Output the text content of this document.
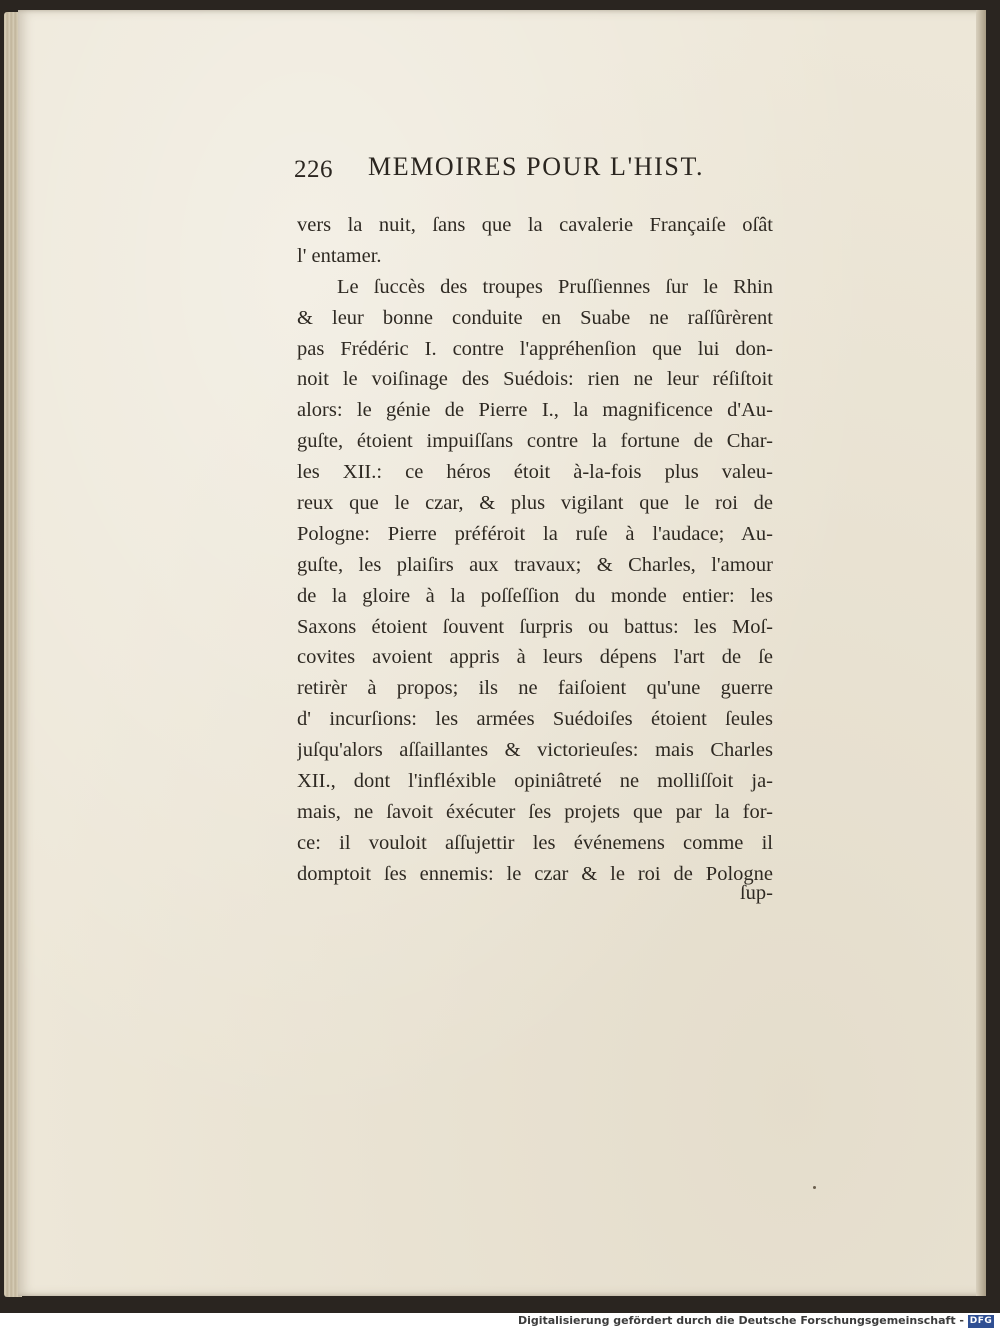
226 MEMOIRES POUR L'HIST.
vers la nuit, ſans que la cavalerie Françaiſe oſât
l' entamer.
Le ſuccès des troupes Pruſſiennes ſur le Rhin
& leur bonne conduite en Suabe ne raſſûrèrent
pas Frédéric I. contre l'appréhenſion que lui don-
noit le voiſinage des Suédois: rien ne leur réſiſtoit
alors: le génie de Pierre I., la magnificence d'Au-
guſte, étoient impuiſſans contre la fortune de Char-
les XII.: ce héros étoit à-la-fois plus valeu-
reux que le czar, & plus vigilant que le roi de
Pologne: Pierre préféroit la ruſe à l'audace; Au-
guſte, les plaiſirs aux travaux; & Charles, l'amour
de la gloire à la poſſeſſion du monde entier: les
Saxons étoient ſouvent ſurpris ou battus: les Moſ-
covites avoient appris à leurs dépens l'art de ſe
retirèr à propos; ils ne faiſoient qu'une guerre
d' incurſions: les armées Suédoiſes étoient ſeules
juſqu'alors aſſaillantes & victorieuſes: mais Charles
XII., dont l'infléxible opiniâtreté ne molliſſoit ja-
mais, ne ſavoit éxécuter ſes projets que par la for-
ce: il vouloit aſſujettir les événemens comme il
domptoit ſes ennemis: le czar & le roi de Pologne
ſup-
Digitalisierung gefördert durch die Deutsche Forschungsgemeinschaft - DFG
